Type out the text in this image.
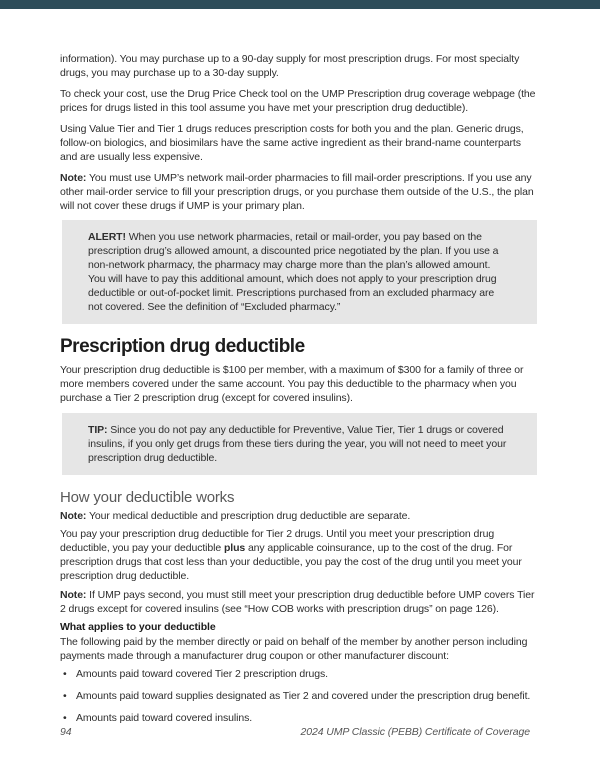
information). You may purchase up to a 90-day supply for most prescription drugs. For most specialty drugs, you may purchase up to a 30-day supply.

To check your cost, use the Drug Price Check tool on the UMP Prescription drug coverage webpage (the prices for drugs listed in this tool assume you have met your prescription drug deductible).

Using Value Tier and Tier 1 drugs reduces prescription costs for both you and the plan. Generic drugs, follow-on biologics, and biosimilars have the same active ingredient as their brand-name counterparts and are usually less expensive.

Note: You must use UMP’s network mail-order pharmacies to fill mail-order prescriptions. If you use any other mail-order service to fill your prescription drugs, or you purchase them outside of the U.S., the plan will not cover these drugs if UMP is your primary plan.

ALERT! When you use network pharmacies, retail or mail-order, you pay based on the prescription drug’s allowed amount, a discounted price negotiated by the plan. If you use a non-network pharmacy, the pharmacy may charge more than the plan’s allowed amount. You will have to pay this additional amount, which does not apply to your prescription drug deductible or out-of-pocket limit. Prescriptions purchased from an excluded pharmacy are not covered. See the definition of “Excluded pharmacy.”
Prescription drug deductible

Your prescription drug deductible is $100 per member, with a maximum of $300 for a family of three or more members covered under the same account. You pay this deductible to the pharmacy when you purchase a Tier 2 prescription drug (except for covered insulins).

TIP: Since you do not pay any deductible for Preventive, Value Tier, Tier 1 drugs or covered insulins, if you only get drugs from these tiers during the year, you will not need to meet your prescription drug deductible.
How your deductible works

Note: Your medical deductible and prescription drug deductible are separate.

You pay your prescription drug deductible for Tier 2 drugs. Until you meet your prescription drug deductible, you pay your deductible plus any applicable coinsurance, up to the cost of the drug. For prescription drugs that cost less than your deductible, you pay the cost of the drug until you meet your prescription drug deductible.

Note: If UMP pays second, you must still meet your prescription drug deductible before UMP covers Tier 2 drugs except for covered insulins (see “How COB works with prescription drugs” on page 126).

What applies to your deductible

The following paid by the member directly or paid on behalf of the member by another person including payments made through a manufacturer drug coupon or other manufacturer discount:

• Amounts paid toward covered Tier 2 prescription drugs.
• Amounts paid toward supplies designated as Tier 2 and covered under the prescription drug benefit.
• Amounts paid toward covered insulins.
94	2024 UMP Classic (PEBB) Certificate of Coverage
